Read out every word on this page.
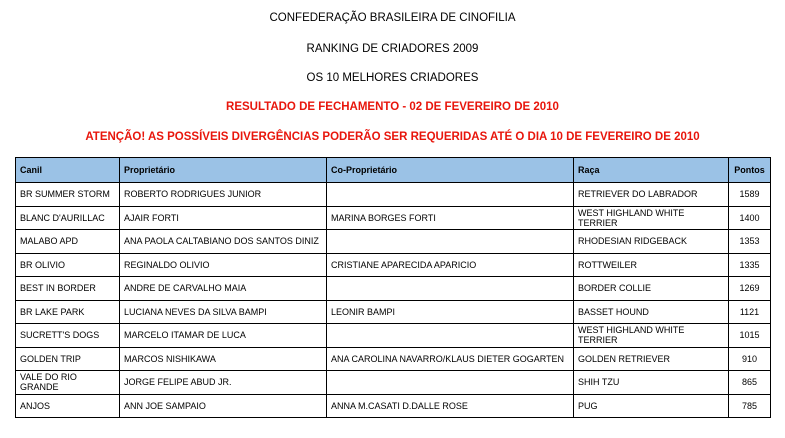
CONFEDERAÇÃO BRASILEIRA DE CINOFILIA
RANKING DE CRIADORES 2009
OS 10 MELHORES CRIADORES
RESULTADO DE FECHAMENTO - 02 DE FEVEREIRO DE 2010
ATENÇÃO! AS POSSÍVEIS DIVERGÊNCIAS PODERÃO SER REQUERIDAS ATÉ O DIA 10 DE FEVEREIRO DE 2010
Canil	Proprietário	Co-Proprietário	Raça	Pontos
BR SUMMER STORM	ROBERTO RODRIGUES JUNIOR		RETRIEVER DO LABRADOR	1589
BLANC D'AURILLAC	AJAIR FORTI	MARINA BORGES FORTI	WEST HIGHLAND WHITE TERRIER	1400
MALABO APD	ANA PAOLA CALTABIANO DOS SANTOS DINIZ		RHODESIAN RIDGEBACK	1353
BR OLIVIO	REGINALDO OLIVIO	CRISTIANE APARECIDA APARICIO	ROTTWEILER	1335
BEST IN BORDER	ANDRE DE CARVALHO MAIA		BORDER COLLIE	1269
BR LAKE PARK	LUCIANA NEVES DA SILVA BAMPI	LEONIR BAMPI	BASSET HOUND	1121
SUCRETT'S DOGS	MARCELO ITAMAR DE LUCA		WEST HIGHLAND WHITE TERRIER	1015
GOLDEN TRIP	MARCOS NISHIKAWA	ANA CAROLINA NAVARRO/KLAUS DIETER GOGARTEN	GOLDEN RETRIEVER	910
VALE DO RIO GRANDE	JORGE FELIPE ABUD JR.		SHIH TZU	865
ANJOS	ANN JOE SAMPAIO	ANNA M.CASATI D.DALLE ROSE	PUG	785
